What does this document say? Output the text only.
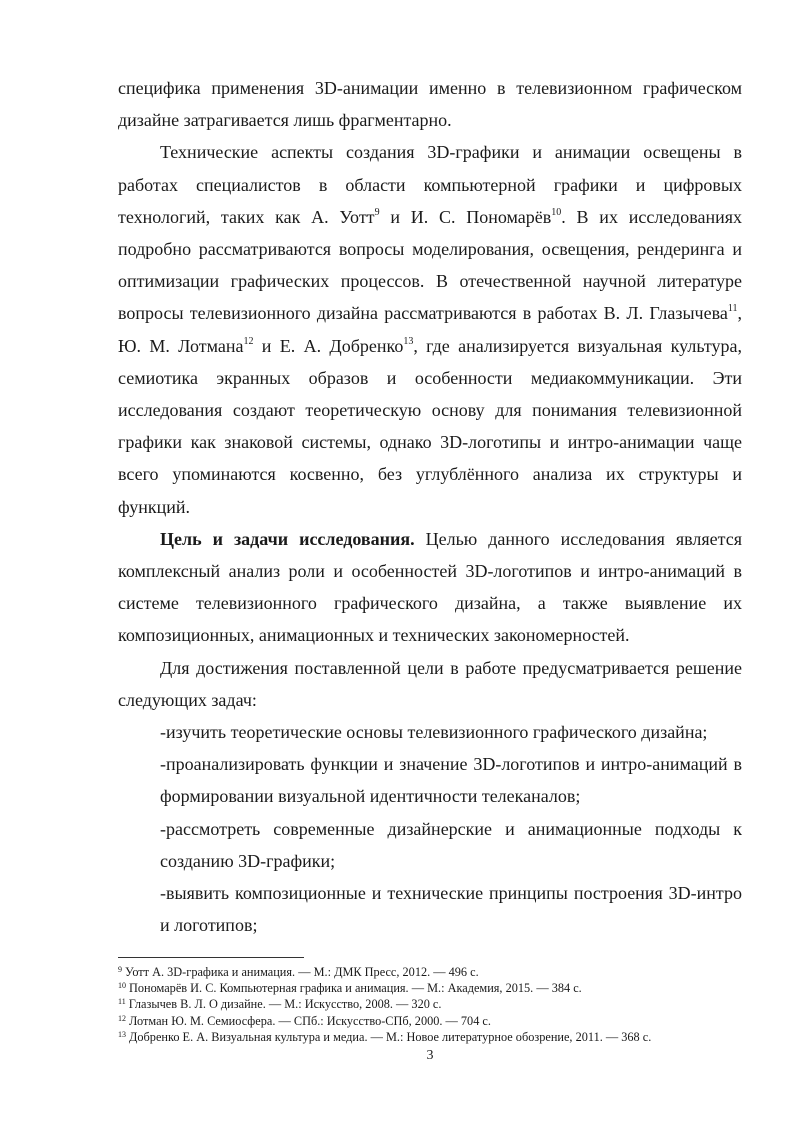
специфика применения 3D-анимации именно в телевизионном графическом дизайне затрагивается лишь фрагментарно.

Технические аспекты создания 3D-графики и анимации освещены в работах специалистов в области компьютерной графики и цифровых технологий, таких как А. Уотт$^9$ и И. С. Пономарёв$^{10}$. В их исследованиях подробно рассматриваются вопросы моделирования, освещения, рендеринга и оптимизации графических процессов. В отечественной научной литературе вопросы телевизионного дизайна рассматриваются в работах В. Л. Глазычева$^{11}$, Ю. М. Лотмана$^{12}$ и Е. А. Добренко$^{13}$, где анализируется визуальная культура, семиотика экранных образов и особенности медиакоммуникации. Эти исследования создают теоретическую основу для понимания телевизионной графики как знаковой системы, однако 3D-логотипы и интро-анимации чаще всего упоминаются косвенно, без углублённого анализа их структуры и функций.

Цель и задачи исследования. Целью данного исследования является комплексный анализ роли и особенностей 3D-логотипов и интро-анимаций в системе телевизионного графического дизайна, а также выявление их композиционных, анимационных и технических закономерностей.

Для достижения поставленной цели в работе предусматривается решение следующих задач:

-изучить теоретические основы телевизионного графического дизайна;

-проанализировать функции и значение 3D-логотипов и интро-анимаций в формировании визуальной идентичности телеканалов;

-рассмотреть современные дизайнерские и анимационные подходы к созданию 3D-графики;

-выявить композиционные и технические принципы построения 3D-интро и логотипов;

$^9$ Уотт А. 3D-графика и анимация. — М.: ДМК Пресс, 2012. — 496 с.
$^{10}$ Пономарёв И. С. Компьютерная графика и анимация. — М.: Академия, 2015. — 384 с.
$^{11}$ Глазычев В. Л. О дизайне. — М.: Искусство, 2008. — 320 с.
$^{12}$ Лотман Ю. М. Семиосфера. — СПб.: Искусство-СПб, 2000. — 704 с.
$^{13}$ Добренко Е. А. Визуальная культура и медиа. — М.: Новое литературное обозрение, 2011. — 368 с.
3
